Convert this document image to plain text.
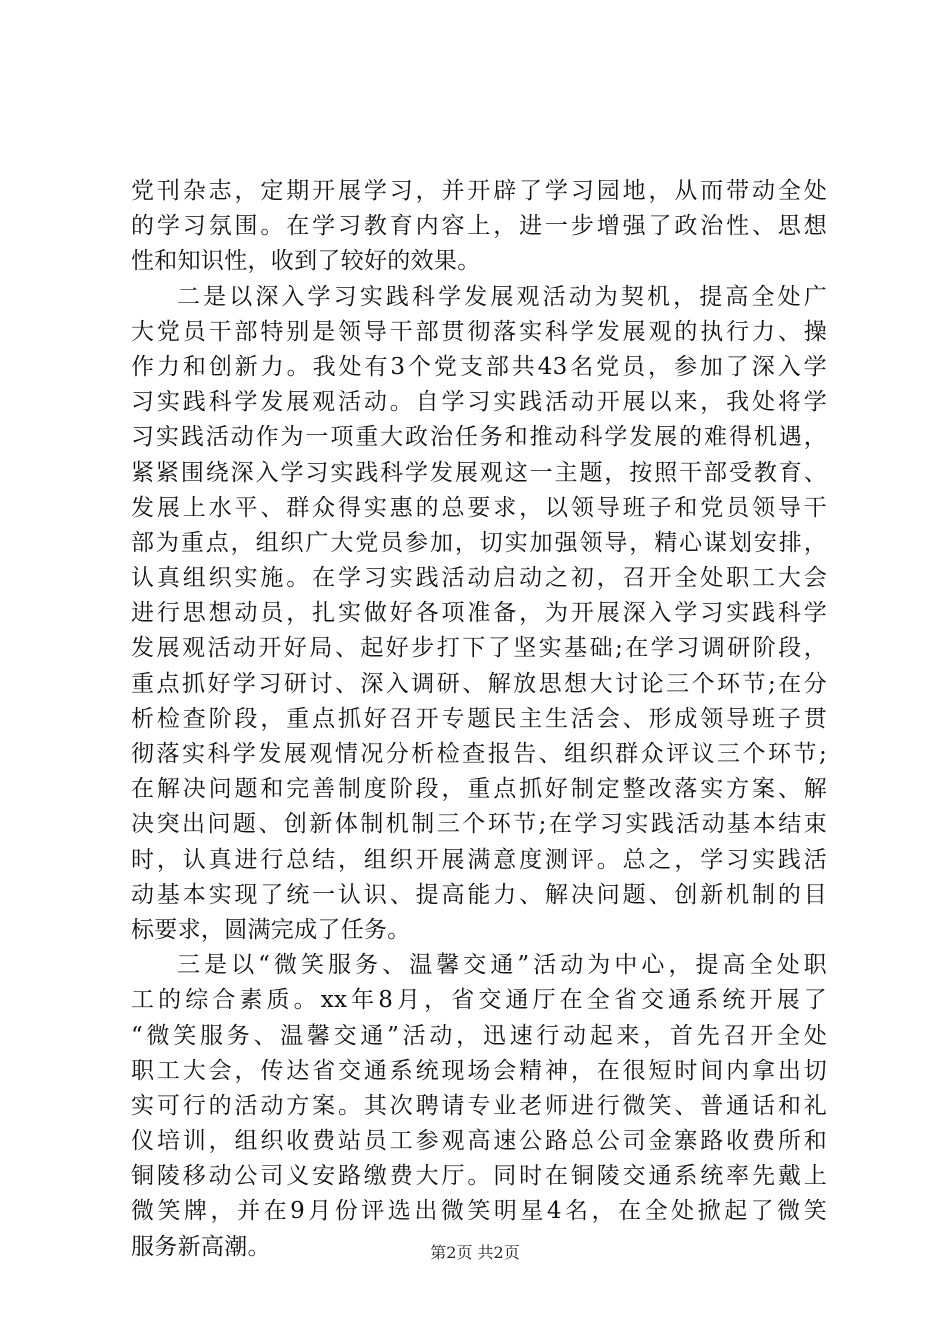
党刊杂志，定期开展学习，并开辟了学习园地，从而带动全处
的学习氛围。在学习教育内容上，进一步增强了政治性、思想
性和知识性，收到了较好的效果。
二是以深入学习实践科学发展观活动为契机，提高全处广
大党员干部特别是领导干部贯彻落实科学发展观的执行力、操
作力和创新力。我处有3个党支部共43名党员，参加了深入学
习实践科学发展观活动。自学习实践活动开展以来，我处将学
习实践活动作为一项重大政治任务和推动科学发展的难得机遇，
紧紧围绕深入学习实践科学发展观这一主题，按照干部受教育、
发展上水平、群众得实惠的总要求，以领导班子和党员领导干
部为重点，组织广大党员参加，切实加强领导，精心谋划安排，
认真组织实施。在学习实践活动启动之初，召开全处职工大会
进行思想动员，扎实做好各项准备，为开展深入学习实践科学
发展观活动开好局、起好步打下了坚实基础;在学习调研阶段，
重点抓好学习研讨、深入调研、解放思想大讨论三个环节;在分
析检查阶段，重点抓好召开专题民主生活会、形成领导班子贯
彻落实科学发展观情况分析检查报告、组织群众评议三个环节;
在解决问题和完善制度阶段，重点抓好制定整改落实方案、解
决突出问题、创新体制机制三个环节;在学习实践活动基本结束
时，认真进行总结，组织开展满意度测评。总之，学习实践活
动基本实现了统一认识、提高能力、解决问题、创新机制的目
标要求，圆满完成了任务。
三是以“微笑服务、温馨交通”活动为中心，提高全处职
工的综合素质。xx年8月，省交通厅在全省交通系统开展了
“微笑服务、温馨交通”活动，迅速行动起来，首先召开全处
职工大会，传达省交通系统现场会精神，在很短时间内拿出切
实可行的活动方案。其次聘请专业老师进行微笑、普通话和礼
仪培训，组织收费站员工参观高速公路总公司金寨路收费所和
铜陵移动公司义安路缴费大厅。同时在铜陵交通系统率先戴上
微笑牌，并在9月份评选出微笑明星4名，在全处掀起了微笑
服务新高潮。	第2页 共2页
